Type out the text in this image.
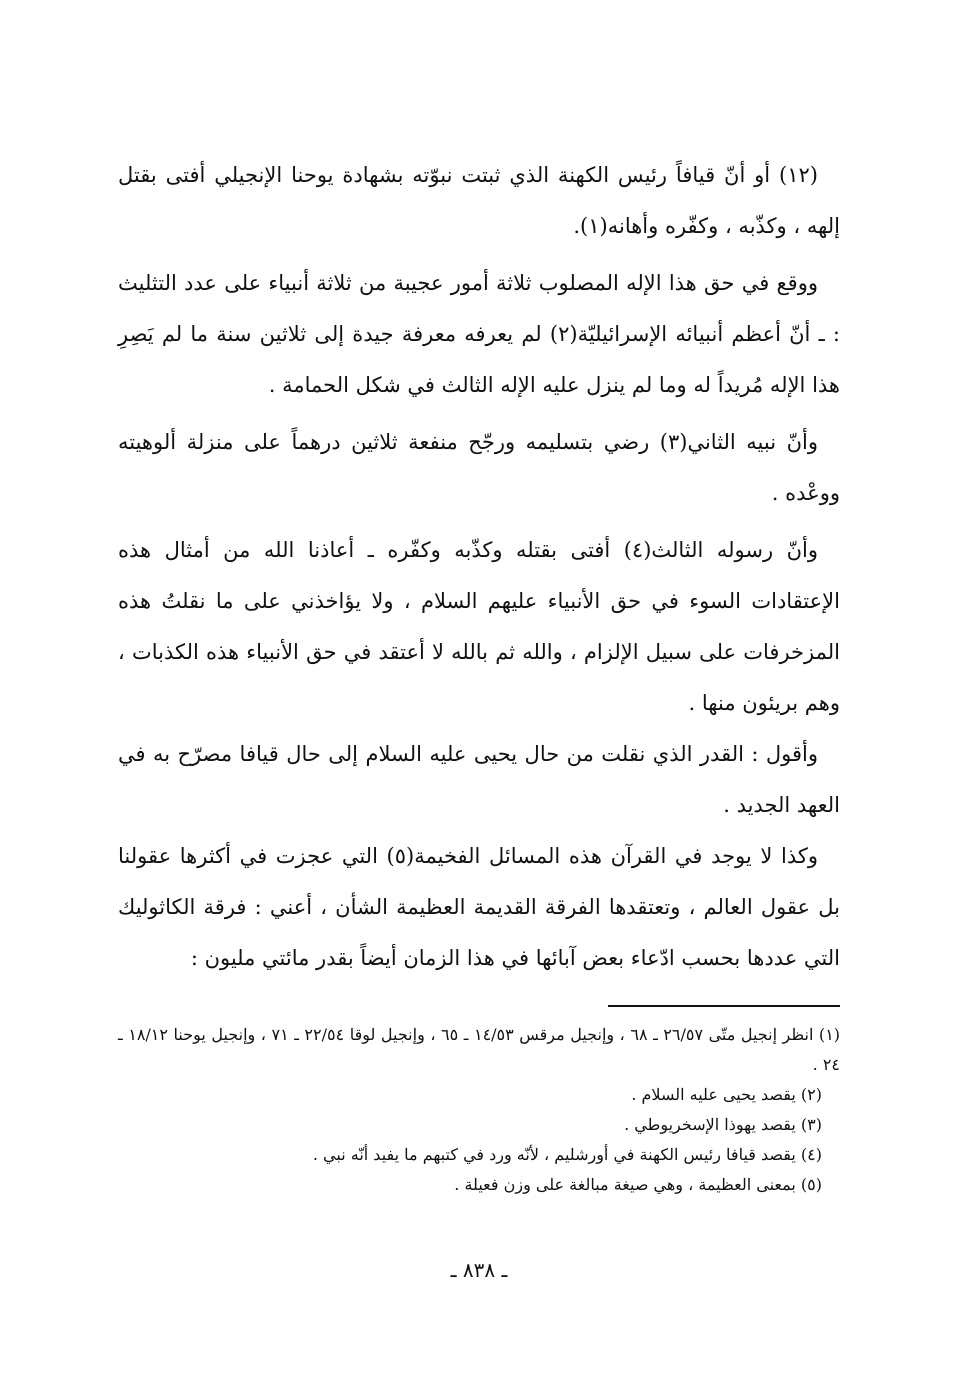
(١٢) أو أنّ قيافاً رئيس الكهنة الذي ثبتت نبوّته بشهادة يوحنا الإنجيلي أفتى بقتل إلهه ، وكذّبه ، وكفّره وأهانه(١).

ووقع في حق هذا الإله المصلوب ثلاثة أمور عجيبة من ثلاثة أنبياء على عدد التثليث : ـ أنّ أعظم أنبيائه الإسرائيليّة(٢) لم يعرفه معرفة جيدة إلى ثلاثين سنة ما لم يَصِرِ هذا الإله مُريداً له وما لم ينزل عليه الإله الثالث في شكل الحمامة .

وأنّ نبيه الثاني(٣) رضي بتسليمه ورجّح منفعة ثلاثين درهماً على منزلة ألوهيته ووعْده .

وأنّ رسوله الثالث(٤) أفتى بقتله وكذّبه وكفّره ـ أعاذنا الله من أمثال هذه الإعتقادات السوء في حق الأنبياء عليهم السلام ، ولا يؤاخذني على ما نقلتُ هذه المزخرفات على سبيل الإلزام ، والله ثم بالله لا أعتقد في حق الأنبياء هذه الكذبات ، وهم بريئون منها .

وأقول : القدر الذي نقلت من حال يحيى عليه السلام إلى حال قيافا مصرّح به في العهد الجديد .

وكذا لا يوجد في القرآن هذه المسائل الفخيمة(٥) التي عجزت في أكثرها عقولنا بل عقول العالم ، وتعتقدها الفرقة القديمة العظيمة الشأن ، أعني : فرقة الكاثوليك التي عددها بحسب ادّعاء بعض آبائها في هذا الزمان أيضاً بقدر مائتي مليون :

(١) انظر إنجيل متّى ٢٦/٥٧ ـ ٦٨ ، وإنجيل مرقس ١٤/٥٣ ـ ٦٥ ، وإنجيل لوقا ٢٢/٥٤ ـ ٧١ ، وإنجيل يوحنا ١٨/١٢ ـ ٢٤ .

(٢) يقصد يحيى عليه السلام .

(٣) يقصد يهوذا الإسخريوطي .

(٤) يقصد قيافا رئيس الكهنة في أورشليم ، لأنّه ورد في كتبهم ما يفيد أنّه نبي .

(٥) بمعنى العظيمة ، وهي صيغة مبالغة على وزن فعيلة .

ـ ٨٣٨ ـ
